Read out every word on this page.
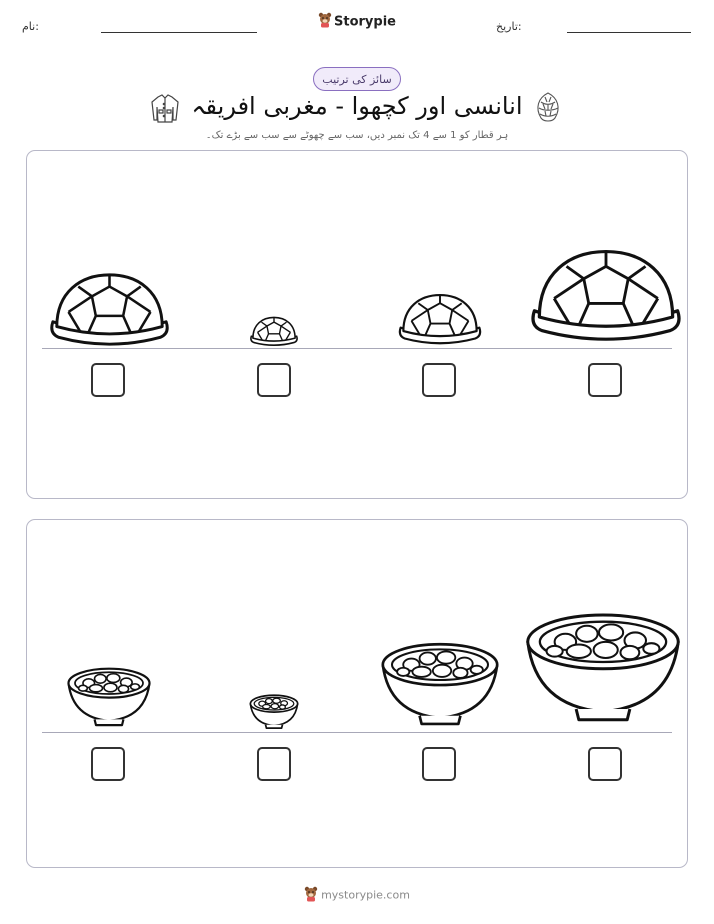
نام:	Storypie	تاریخ:
سائز کی ترتیب
انانسی اور کچھوا - مغربی افریقہ
ہر قطار کو 1 سے 4 تک نمبر دیں، سب سے چھوٹے سے سب سے بڑے تک۔
mystorypie.com
